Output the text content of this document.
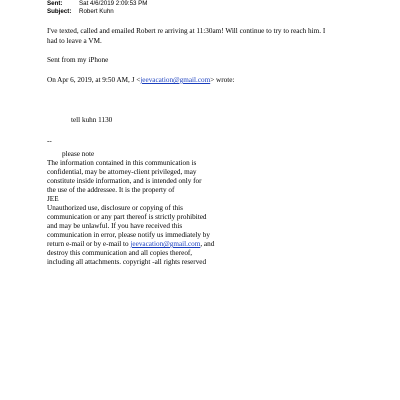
Sent:	Sat 4/6/2019 2:09:53 PM
Subject: Robert Kuhn
I've texted, called and emailed Robert re arriving at 11:30am! Will continue to try to reach him. I
had to leave a VM.
Sent from my iPhone
On Apr 6, 2019, at 9:50 AM, J <jeevacation@gmail.com> wrote:
tell kuhn 1130
--
please note
The information contained in this communication is
confidential, may be attorney-client privileged, may
constitute inside information, and is intended only for
the use of the addressee. It is the property of
JEE
Unauthorized use, disclosure or copying of this
communication or any part thereof is strictly prohibited
and may be unlawful. If you have received this
communication in error, please notify us immediately by
return e-mail or by e-mail to jeevacation@gmail.com, and
destroy this communication and all copies thereof,
including all attachments. copyright -all rights reserved
